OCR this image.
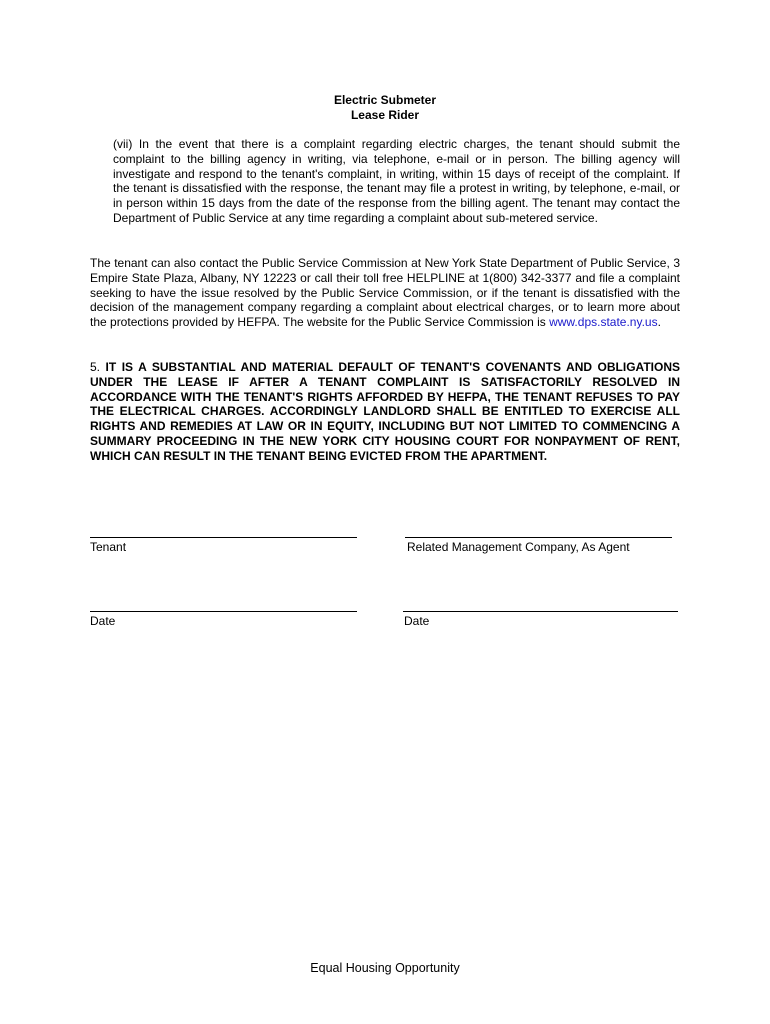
Electric Submeter
Lease Rider

(vii) In the event that there is a complaint regarding electric charges, the tenant should submit the complaint to the billing agency in writing, via telephone, e-mail or in person. The billing agency will investigate and respond to the tenant's complaint, in writing, within 15 days of receipt of the complaint. If the tenant is dissatisfied with the response, the tenant may file a protest in writing, by telephone, e-mail, or in person within 15 days from the date of the response from the billing agent. The tenant may contact the Department of Public Service at any time regarding a complaint about sub-metered service.

The tenant can also contact the Public Service Commission at New York State Department of Public Service, 3 Empire State Plaza, Albany, NY 12223 or call their toll free HELPLINE at 1(800) 342-3377 and file a complaint seeking to have the issue resolved by the Public Service Commission, or if the tenant is dissatisfied with the decision of the management company regarding a complaint about electrical charges, or to learn more about the protections provided by HEFPA. The website for the Public Service Commission is www.dps.state.ny.us.

5. IT IS A SUBSTANTIAL AND MATERIAL DEFAULT OF TENANT'S COVENANTS AND OBLIGATIONS UNDER THE LEASE IF AFTER A TENANT COMPLAINT IS SATISFACTORILY RESOLVED IN ACCORDANCE WITH THE TENANT'S RIGHTS AFFORDED BY HEFPA, THE TENANT REFUSES TO PAY THE ELECTRICAL CHARGES. ACCORDINGLY LANDLORD SHALL BE ENTITLED TO EXERCISE ALL RIGHTS AND REMEDIES AT LAW OR IN EQUITY, INCLUDING BUT NOT LIMITED TO COMMENCING A SUMMARY PROCEEDING IN THE NEW YORK CITY HOUSING COURT FOR NONPAYMENT OF RENT, WHICH CAN RESULT IN THE TENANT BEING EVICTED FROM THE APARTMENT.

Tenant	Related Management Company, As Agent
Date	Date
Equal Housing Opportunity
